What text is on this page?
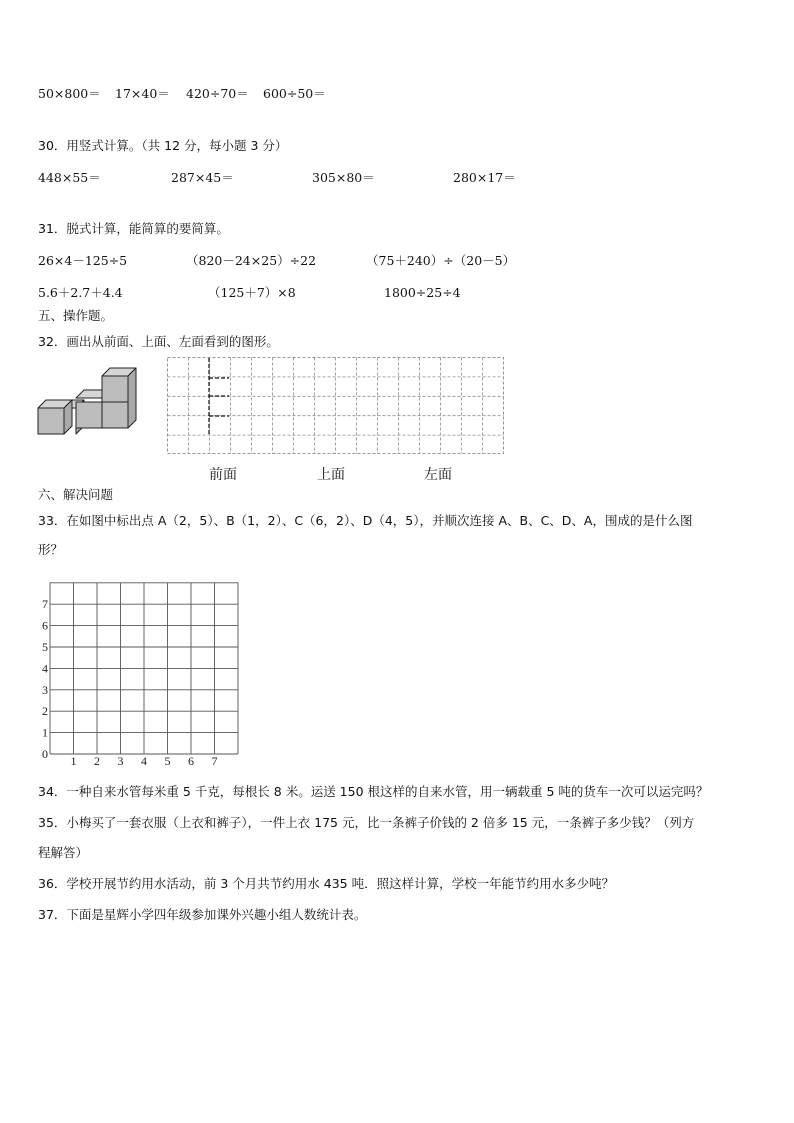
50×800＝ 17×40＝ 420÷70＝ 600÷50＝
30．用竖式计算。（共 12 分，每小题 3 分）
448×55＝	287×45＝	305×80＝	280×17＝
31．脱式计算，能简算的要简算。
26×4－125÷5	（820－24×25）÷22	（75＋240）÷（20－5）
5.6＋2.7＋4.4	（125＋7）×8	1800÷25÷4
五、操作题。
32．画出从前面、上面、左面看到的图形。
前面	上面	左面
六、解决问题
33．在如图中标出点 A（2，5）、B（1，2）、C（6，2）、D（4，5），并顺次连接 A、B、C、D、A，围成的是什么图
形？
1 2 3 4 5 6 7
7
6
5
4
3
2
1
0
34．一种自来水管每米重 5 千克，每根长 8 米。运送 150 根这样的自来水管，用一辆载重 5 吨的货车一次可以运完吗？
35．小梅买了一套衣服（上衣和裤子），一件上衣 175 元，比一条裤子价钱的 2 倍多 15 元，一条裤子多少钱？（列方
程解答）
36．学校开展节约用水活动，前 3 个月共节约用水 435 吨．照这样计算，学校一年能节约用水多少吨？
37．下面是星辉小学四年级参加课外兴趣小组人数统计表。
